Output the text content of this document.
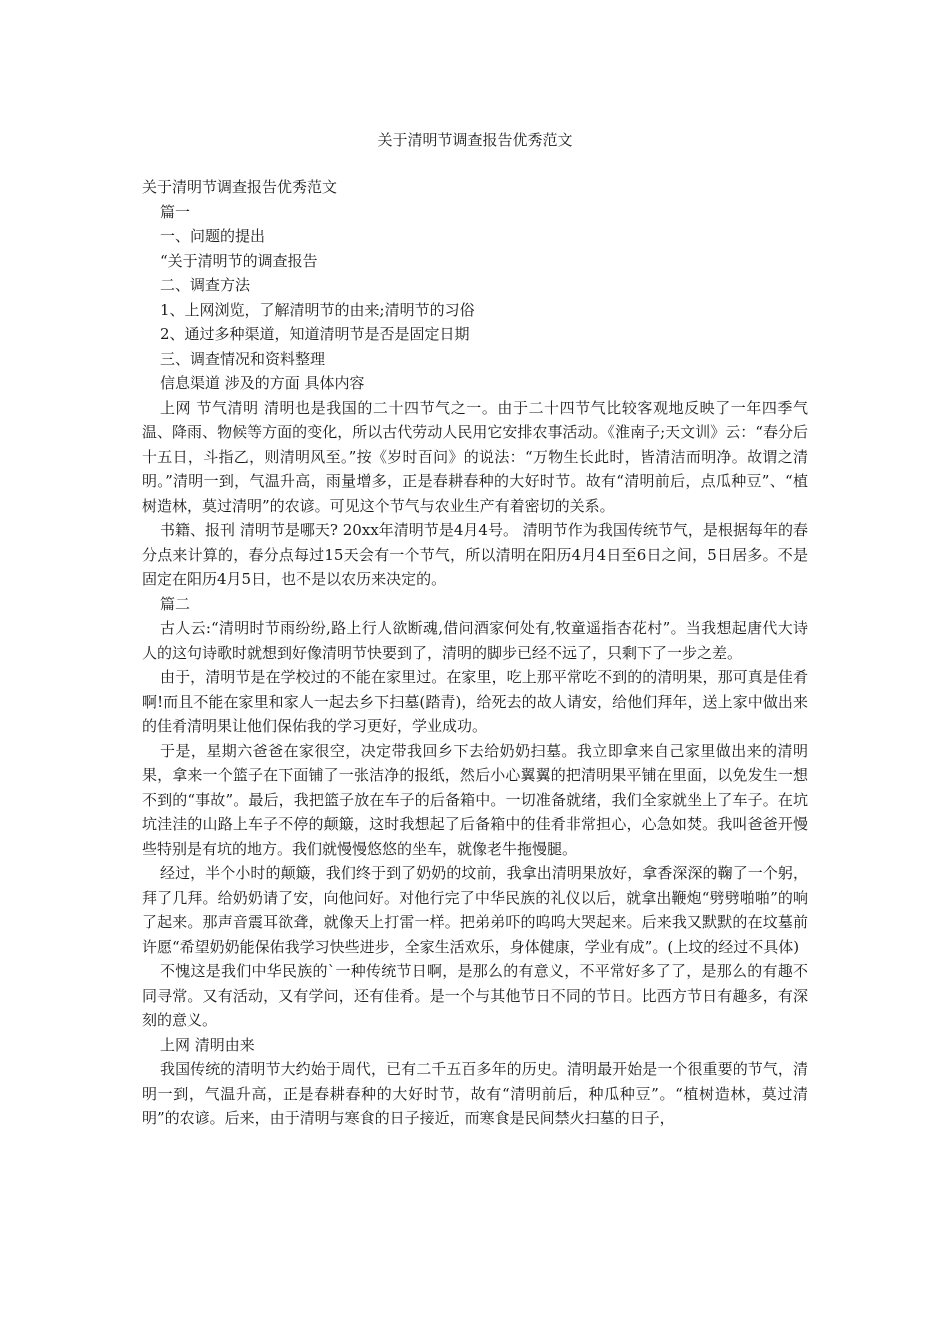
关于清明节调查报告优秀范文

关于清明节调查报告优秀范文

篇一

一、问题的提出

“关于清明节的调查报告

二、调查方法

1、上网浏览，了解清明节的由来;清明节的习俗

2、通过多种渠道，知道清明节是否是固定日期

三、调查情况和资料整理

信息渠道 涉及的方面 具体内容

上网 节气清明 清明也是我国的二十四节气之一。由于二十四节气比较客观地反映了一年四季气温、降雨、物候等方面的变化，所以古代劳动人民用它安排农事活动。《淮南子;天文训》云：“春分后十五日，斗指乙，则清明风至。”按《岁时百问》的说法：“万物生长此时，皆清洁而明净。故谓之清明。”清明一到，气温升高，雨量增多，正是春耕春种的大好时节。故有“清明前后，点瓜种豆”、“植树造林，莫过清明”的农谚。可见这个节气与农业生产有着密切的关系。

书籍、报刊 清明节是哪天? 20xx年清明节是4月4号。 清明节作为我国传统节气，是根据每年的春分点来计算的，春分点每过15天会有一个节气，所以清明在阳历4月4日至6日之间，5日居多。不是固定在阳历4月5日，也不是以农历来决定的。

篇二

古人云:“清明时节雨纷纷,路上行人欲断魂,借问酒家何处有,牧童遥指杏花村”。当我想起唐代大诗人的这句诗歌时就想到好像清明节快要到了，清明的脚步已经不远了，只剩下了一步之差。

由于，清明节是在学校过的不能在家里过。在家里，吃上那平常吃不到的的清明果，那可真是佳肴啊!而且不能在家里和家人一起去乡下扫墓(踏青)，给死去的故人请安，给他们拜年，送上家中做出来的佳肴清明果让他们保佑我的学习更好，学业成功。

于是，星期六爸爸在家很空，决定带我回乡下去给奶奶扫墓。我立即拿来自己家里做出来的清明果，拿来一个篮子在下面铺了一张洁净的报纸，然后小心翼翼的把清明果平铺在里面，以免发生一想不到的“事故”。最后，我把篮子放在车子的后备箱中。一切准备就绪，我们全家就坐上了车子。在坑坑洼洼的山路上车子不停的颠簸，这时我想起了后备箱中的佳肴非常担心，心急如焚。我叫爸爸开慢些特别是有坑的地方。我们就慢慢悠悠的坐车，就像老牛拖慢腿。

经过，半个小时的颠簸，我们终于到了奶奶的坟前，我拿出清明果放好，拿香深深的鞠了一个躬，拜了几拜。给奶奶请了安，向他问好。对他行完了中华民族的礼仪以后，就拿出鞭炮“劈劈啪啪”的响了起来。那声音震耳欲聋，就像天上打雷一样。把弟弟吓的呜呜大哭起来。后来我又默默的在坟墓前许愿“希望奶奶能保佑我学习快些进步，全家生活欢乐，身体健康，学业有成”。(上坟的经过不具体)

不愧这是我们中华民族的`一种传统节日啊，是那么的有意义，不平常好多了了，是那么的有趣不同寻常。又有活动，又有学问，还有佳肴。是一个与其他节日不同的节日。比西方节日有趣多，有深刻的意义。

上网 清明由来

我国传统的清明节大约始于周代，已有二千五百多年的历史。清明最开始是一个很重要的节气，清明一到，气温升高，正是春耕春种的大好时节，故有“清明前后，种瓜种豆”。“植树造林，莫过清明”的农谚。后来，由于清明与寒食的日子接近，而寒食是民间禁火扫墓的日子，
